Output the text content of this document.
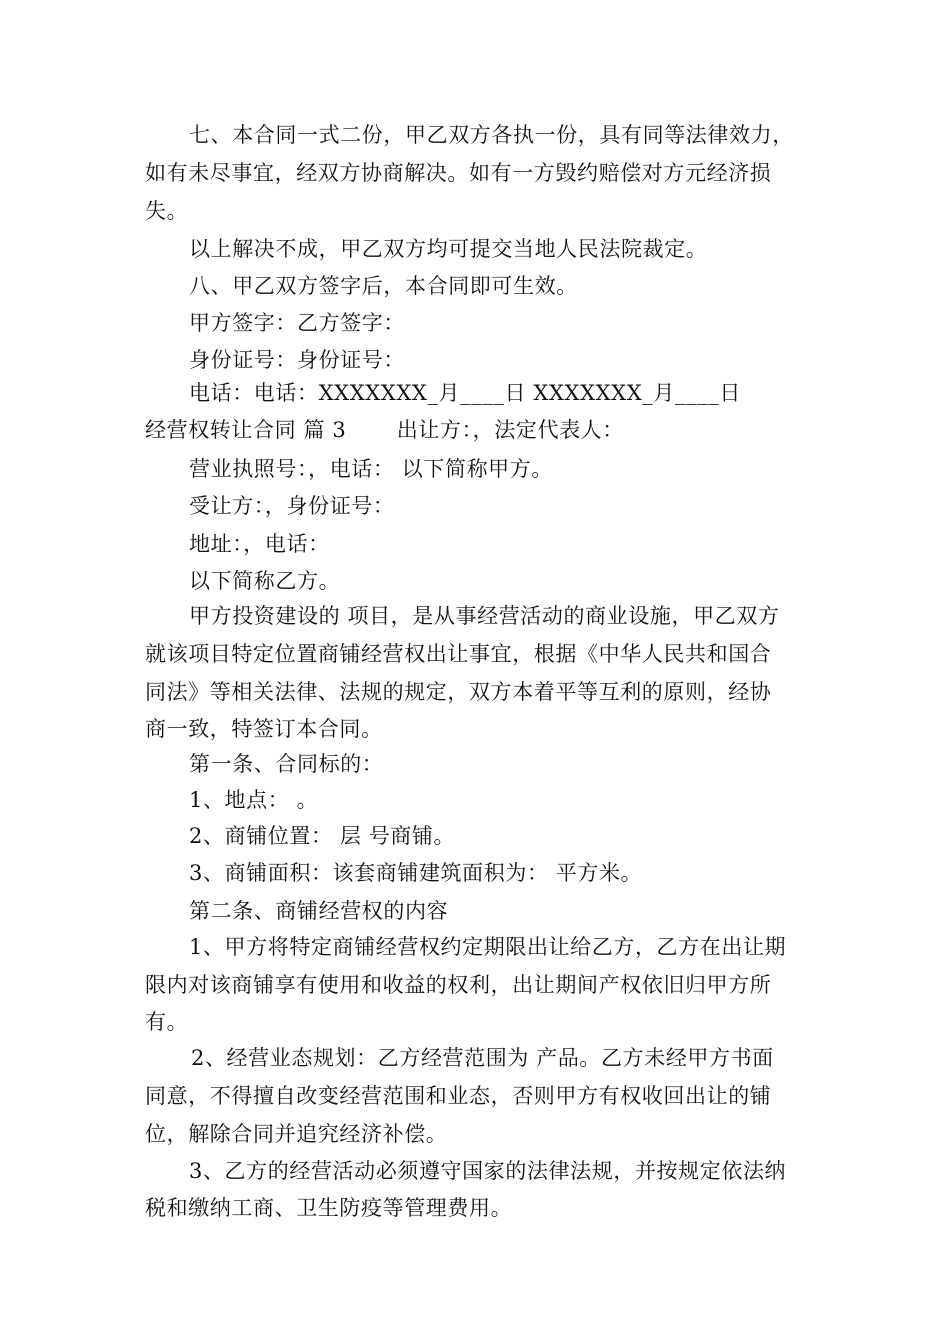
七、本合同一式二份，甲乙双方各执一份，具有同等法律效力，
如有未尽事宜，经双方协商解决。如有一方毁约赔偿对方元经济损
失。
以上解决不成，甲乙双方均可提交当地人民法院裁定。
八、甲乙双方签字后，本合同即可生效。
甲方签字：乙方签字：
身份证号：身份证号：
电话：电话：XXXXXXX_月____日 XXXXXXX_月____日
经营权转让合同 篇 3　　 出让方：，法定代表人：
营业执照号：，电话： 以下简称甲方。
受让方：，身份证号：
地址：，电话：
以下简称乙方。
甲方投资建设的 项目，是从事经营活动的商业设施，甲乙双方
就该项目特定位置商铺经营权出让事宜，根据《中华人民共和国合
同法》等相关法律、法规的规定，双方本着平等互利的原则，经协
商一致，特签订本合同。
第一条、合同标的：
1、地点： 。
2、商铺位置： 层 号商铺。
3、商铺面积：该套商铺建筑面积为： 平方米。
第二条、商铺经营权的内容
1、甲方将特定商铺经营权约定期限出让给乙方，乙方在出让期
限内对该商铺享有使用和收益的权利，出让期间产权依旧归甲方所
有。
2、经营业态规划：乙方经营范围为 产品。乙方未经甲方书面
同意，不得擅自改变经营范围和业态，否则甲方有权收回出让的铺
位，解除合同并追究经济补偿。
3、乙方的经营活动必须遵守国家的法律法规，并按规定依法纳
税和缴纳工商、卫生防疫等管理费用。
